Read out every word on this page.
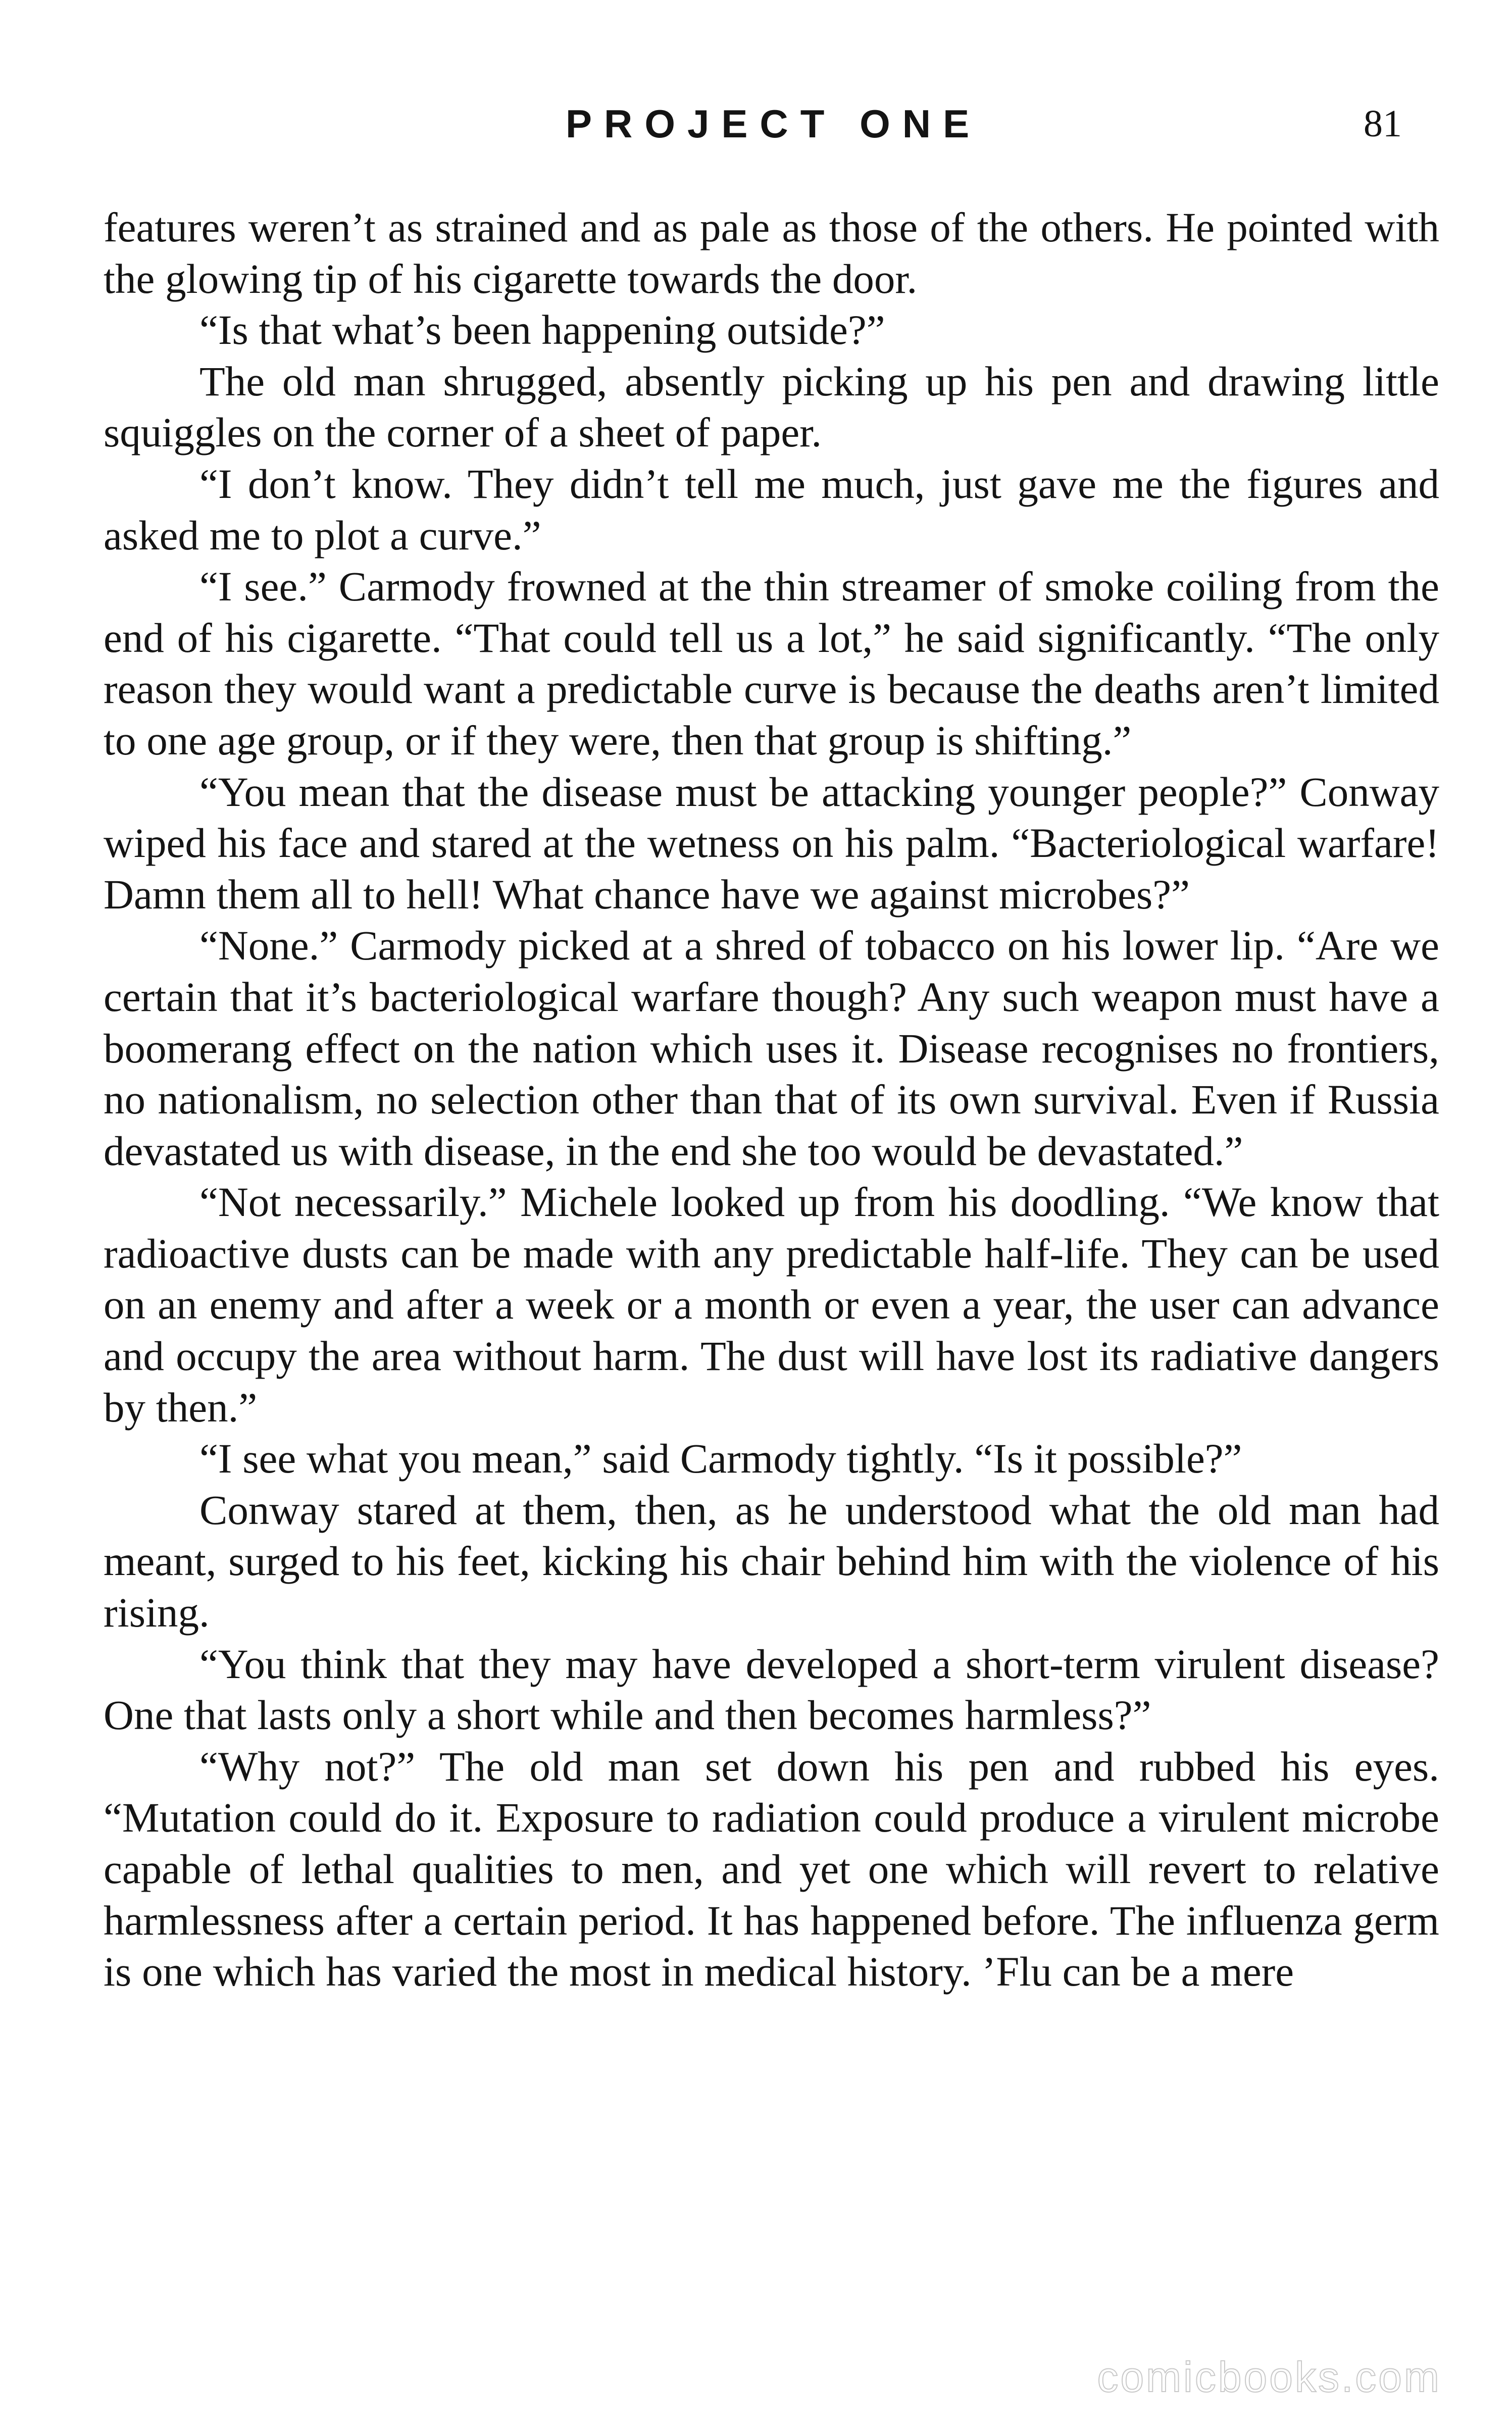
PROJECT ONE	81

features weren’t as strained and as pale as those of the others. He pointed with the glowing tip of his cigarette towards the door.

“Is that what’s been happening outside?”

The old man shrugged, absently picking up his pen and drawing little squiggles on the corner of a sheet of paper.

“I don’t know. They didn’t tell me much, just gave me the figures and asked me to plot a curve.”

“I see.” Carmody frowned at the thin streamer of smoke coiling from the end of his cigarette. “That could tell us a lot,” he said significantly. “The only reason they would want a predictable curve is because the deaths aren’t limited to one age group, or if they were, then that group is shifting.”

“You mean that the disease must be attacking younger people?” Conway wiped his face and stared at the wetness on his palm. “Bacteriological warfare! Damn them all to hell! What chance have we against microbes?”

“None.” Carmody picked at a shred of tobacco on his lower lip. “Are we certain that it’s bacteriological warfare though? Any such weapon must have a boomerang effect on the nation which uses it. Disease recognises no frontiers, no nationalism, no selection other than that of its own survival. Even if Russia devastated us with disease, in the end she too would be devastated.”

“Not necessarily.” Michele looked up from his doodling. “We know that radioactive dusts can be made with any predictable half-life. They can be used on an enemy and after a week or a month or even a year, the user can advance and occupy the area without harm. The dust will have lost its radiative dangers by then.”

“I see what you mean,” said Carmody tightly. “Is it possible?”

Conway stared at them, then, as he understood what the old man had meant, surged to his feet, kicking his chair behind him with the violence of his rising.

“You think that they may have developed a short-term virulent disease? One that lasts only a short while and then becomes harmless?”

“Why not?” The old man set down his pen and rubbed his eyes. “Mutation could do it. Exposure to radiation could produce a virulent microbe capable of lethal qualities to men, and yet one which will revert to relative harmlessness after a certain period. It has happened before. The influenza germ is one which has varied the most in medical history. ’Flu can be a mere

comicbooks.com
